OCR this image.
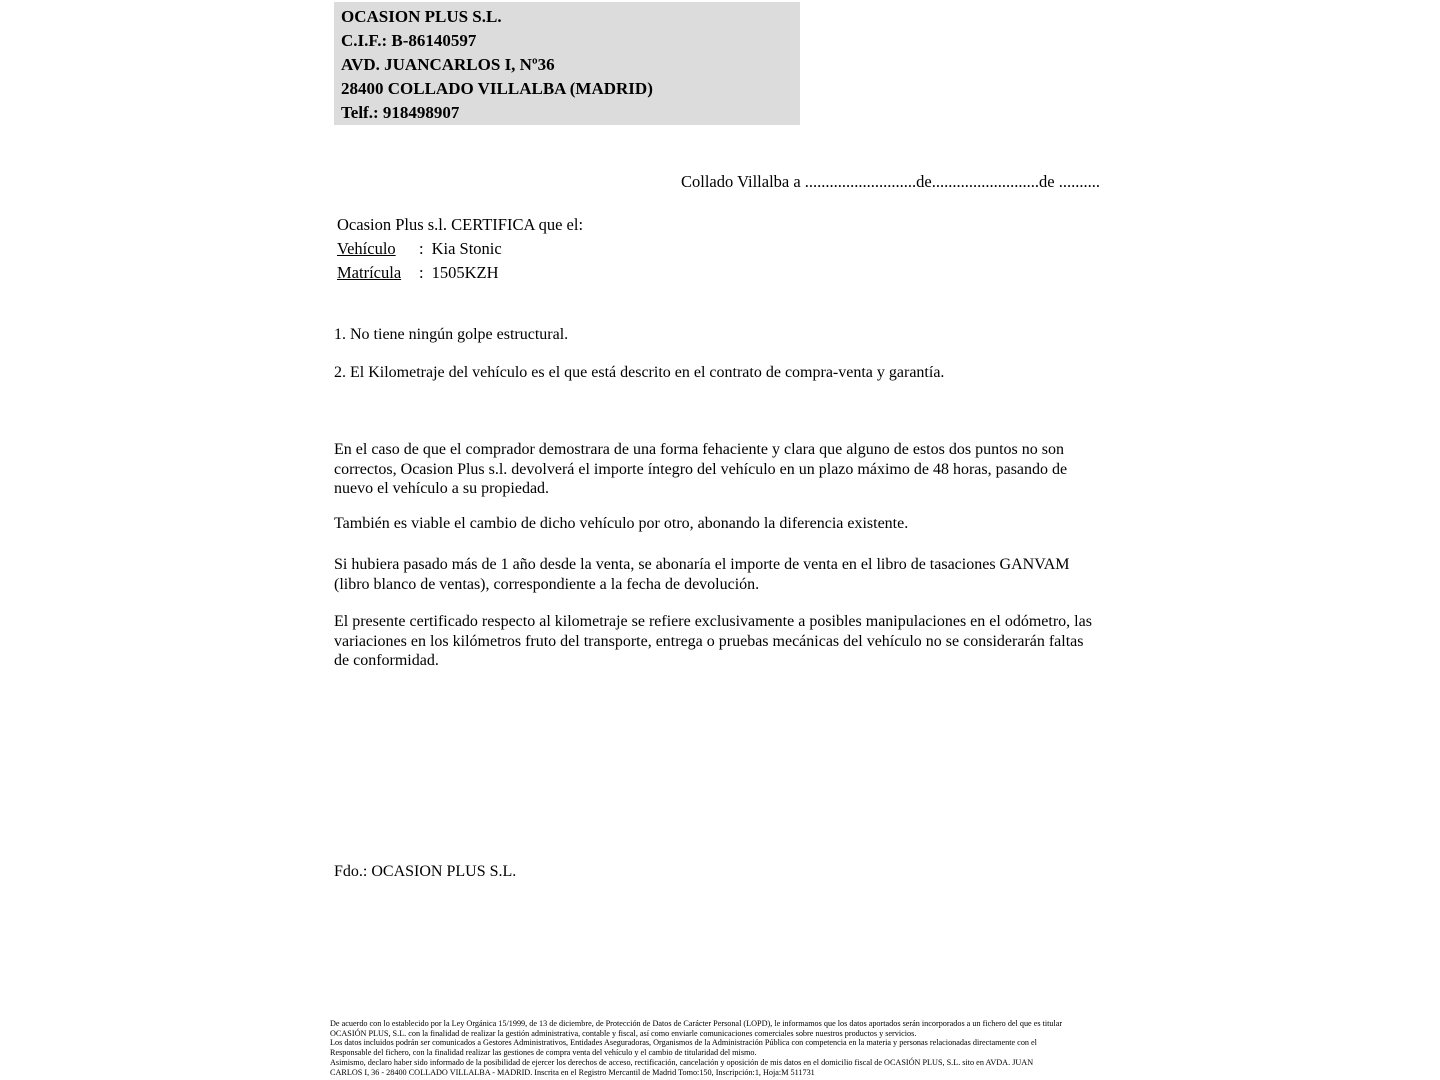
OCASION PLUS S.L.
C.I.F.: B-86140597
AVD. JUANCARLOS I, Nº36
28400 COLLADO VILLALBA (MADRID)
Telf.: 918498907
Collado Villalba a ...........................de..........................de ..........
Ocasion Plus s.l. CERTIFICA que el:
Vehículo : Kia Stonic
Matrícula : 1505KZH
1. No tiene ningún golpe estructural.
2. El Kilometraje del vehículo es el que está descrito en el contrato de compra-venta y garantía.
En el caso de que el comprador demostrara de una forma fehaciente y clara que alguno de estos dos puntos no son correctos, Ocasion Plus s.l. devolverá el importe íntegro del vehículo en un plazo máximo de 48 horas, pasando de nuevo el vehículo a su propiedad.
También es viable el cambio de dicho vehículo por otro, abonando la diferencia existente.
Si hubiera pasado más de 1 año desde la venta, se abonaría el importe de venta en el libro de tasaciones GANVAM (libro blanco de ventas), correspondiente a la fecha de devolución.
El presente certificado respecto al kilometraje se refiere exclusivamente a posibles manipulaciones en el odómetro, las variaciones en los kilómetros fruto del transporte, entrega o pruebas mecánicas del vehículo no se considerarán faltas de conformidad.
Fdo.: OCASION PLUS S.L.
De acuerdo con lo establecido por la Ley Orgánica 15/1999, de 13 de diciembre, de Protección de Datos de Carácter Personal (LOPD), le informamos que los datos aportados serán incorporados a un fichero del que es titular
OCASIÓN PLUS, S.L. con la finalidad de realizar la gestión administrativa, contable y fiscal, así como enviarle comunicaciones comerciales sobre nuestros productos y servicios.
Los datos incluidos podrán ser comunicados a Gestores Administrativos, Entidades Aseguradoras, Organismos de la Administración Pública con competencia en la materia y personas relacionadas directamente con el
Responsable del fichero, con la finalidad realizar las gestiones de compra venta del vehículo y el cambio de titularidad del mismo.
Asimismo, declaro haber sido informado de la posibilidad de ejercer los derechos de acceso, rectificación, cancelación y oposición de mis datos en el domicilio fiscal de OCASIÓN PLUS, S.L. sito en AVDA. JUAN
CARLOS I, 36 - 28400 COLLADO VILLALBA - MADRID. Inscrita en el Registro Mercantil de Madrid Tomo:150, Inscripción:1, Hoja:M 511731
